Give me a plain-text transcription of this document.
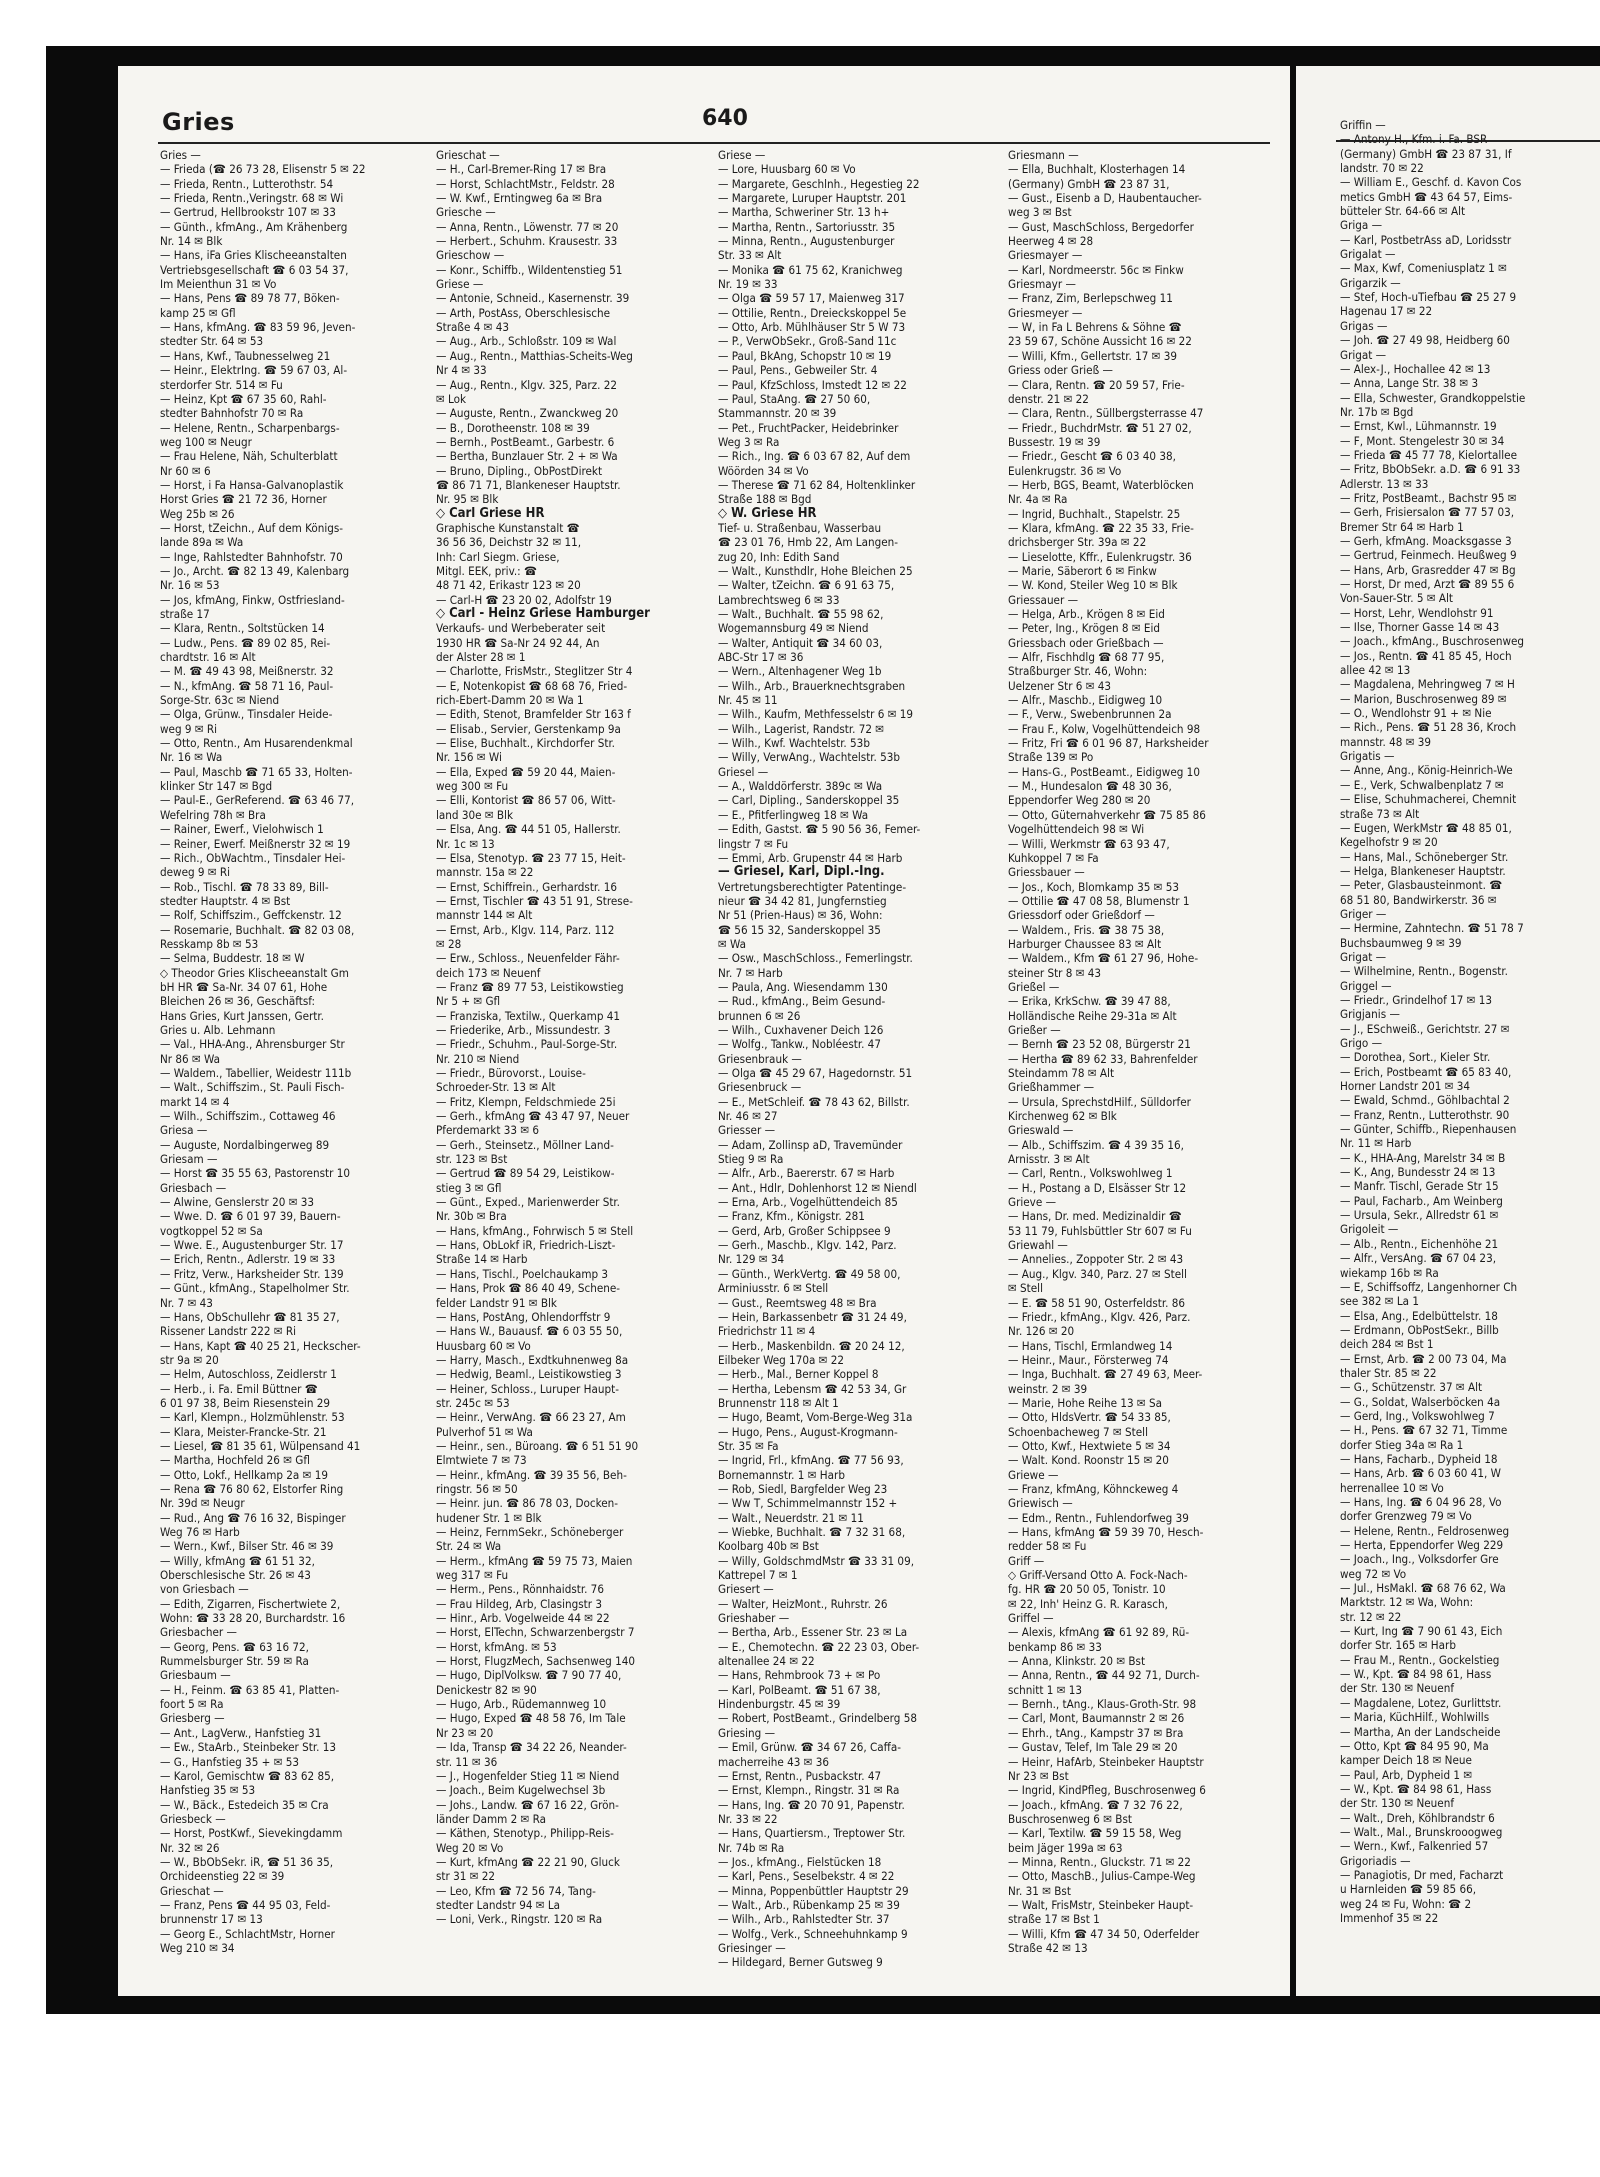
Gries	640
Gries —
— Frieda (☎ 26 73 28, Elisenstr 5 ✉ 22
— Frieda, Rentn., Lutterothstr. 54
— Frieda, Rentn.,Veringstr. 68 ✉ Wi
— Gertrud, Hellbrookstr 107 ✉ 33
— Günth., kfmAng., Am Krähenberg
Nr. 14 ✉ Blk
— Hans, iFa Gries Klischeeanstalten
Vertriebsgesellschaft ☎ 6 03 54 37,
Im Meienthun 31 ✉ Vo
— Hans, Pens ☎ 89 78 77, Böken-
kamp 25 ✉ Gfl
— Hans, kfmAng. ☎ 83 59 96, Jeven-
stedter Str. 64 ✉ 53
— Hans, Kwf., Taubnesselweg 21
— Heinr., ElektrIng. ☎ 59 67 03, Al-
sterdorfer Str. 514 ✉ Fu
— Heinz, Kpt ☎ 67 35 60, Rahl-
stedter Bahnhofstr 70 ✉ Ra
— Helene, Rentn., Scharpenbargs-
weg 100 ✉ Neugr
— Frau Helene, Näh, Schulterblatt
Nr 60 ✉ 6
— Horst, i Fa Hansa-Galvanoplastik
Horst Gries ☎ 21 72 36, Horner
Weg 25b ✉ 26
— Horst, tZeichn., Auf dem Königs-
lande 89a ✉ Wa
— Inge, Rahlstedter Bahnhofstr. 70
— Jo., Archt. ☎ 82 13 49, Kalenbarg
Nr. 16 ✉ 53
— Jos, kfmAng, Finkw, Ostfriesland-
straße 17
— Klara, Rentn., Soltstücken 14
— Ludw., Pens. ☎ 89 02 85, Rei-
chardtstr. 16 ✉ Alt
— M. ☎ 49 43 98, Meißnerstr. 32
— N., kfmAng. ☎ 58 71 16, Paul-
Sorge-Str. 63c ✉ Niend
— Olga, Grünw., Tinsdaler Heide-
weg 9 ✉ Ri
— Otto, Rentn., Am Husarendenkmal
Nr. 16 ✉ Wa
— Paul, Maschb ☎ 71 65 33, Holten-
klinker Str 147 ✉ Bgd
— Paul-E., GerReferend. ☎ 63 46 77,
Wefelring 78h ✉ Bra
— Rainer, Ewerf., Vielohwisch 1
— Reiner, Ewerf. Meißnerstr 32 ✉ 19
— Rich., ObWachtm., Tinsdaler Hei-
deweg 9 ✉ Ri
— Rob., Tischl. ☎ 78 33 89, Bill-
stedter Hauptstr. 4 ✉ Bst
— Rolf, Schiffszim., Geffckenstr. 12
— Rosemarie, Buchhalt. ☎ 82 03 08,
Resskamp 8b ✉ 53
— Selma, Buddestr. 18 ✉ W
◇ Theodor Gries Klischeeanstalt Gm
bH HR ☎ Sa-Nr. 34 07 61, Hohe
Bleichen 26 ✉ 36, Geschäftsf:
Hans Gries, Kurt Janssen, Gertr.
Gries u. Alb. Lehmann
— Val., HHA-Ang., Ahrensburger Str
Nr 86 ✉ Wa
— Waldem., Tabellier, Weidestr 111b
— Walt., Schiffszim., St. Pauli Fisch-
markt 14 ✉ 4
— Wilh., Schiffszim., Cottaweg 46
Griesa —
— Auguste, Nordalbingerweg 89
Griesam —
— Horst ☎ 35 55 63, Pastorenstr 10
Griesbach —
— Alwine, Genslerstr 20 ✉ 33
— Wwe. D. ☎ 6 01 97 39, Bauern-
vogtkoppel 52 ✉ Sa
— Wwe. E., Augustenburger Str. 17
— Erich, Rentn., Adlerstr. 19 ✉ 33
— Fritz, Verw., Harksheider Str. 139
— Günt., kfmAng., Stapelholmer Str.
Nr. 7 ✉ 43
— Hans, ObSchullehr ☎ 81 35 27,
Rissener Landstr 222 ✉ Ri
— Hans, Kapt ☎ 40 25 21, Heckscher-
str 9a ✉ 20
— Helm, Autoschloss, Zeidlerstr 1
— Herb., i. Fa. Emil Büttner ☎
6 01 97 38, Beim Riesenstein 29
— Karl, Klempn., Holzmühlenstr. 53
— Klara, Meister-Francke-Str. 21
— Liesel, ☎ 81 35 61, Wülpensand 41
— Martha, Hochfeld 26 ✉ Gfl
— Otto, Lokf., Hellkamp 2a ✉ 19
— Rena ☎ 76 80 62, Elstorfer Ring
Nr. 39d ✉ Neugr
— Rud., Ang ☎ 76 16 32, Bispinger
Weg 76 ✉ Harb
— Wern., Kwf., Bilser Str. 46 ✉ 39
— Willy, kfmAng ☎ 61 51 32,
Oberschlesische Str. 26 ✉ 43
von Griesbach —
— Edith, Zigarren, Fischertwiete 2,
Wohn: ☎ 33 28 20, Burchardstr. 16
Griesbacher —
— Georg, Pens. ☎ 63 16 72,
Rummelsburger Str. 59 ✉ Ra
Griesbaum —
— H., Feinm. ☎ 63 85 41, Platten-
foort 5 ✉ Ra
Griesberg —
— Ant., LagVerw., Hanfstieg 31
— Ew., StaArb., Steinbeker Str. 13
— G., Hanfstieg 35 + ✉ 53
— Karol, Gemischtw ☎ 83 62 85,
Hanfstieg 35 ✉ 53
— W., Bäck., Estedeich 35 ✉ Cra
Griesbeck —
— Horst, PostKwf., Sievekingdamm
Nr. 32 ✉ 26
— W., BbObSekr. iR, ☎ 51 36 35,
Orchideenstieg 22 ✉ 39
Grieschat —
— Franz, Pens ☎ 44 95 03, Feld-
brunnenstr 17 ✉ 13
— Georg E., SchlachtMstr, Horner
Weg 210 ✉ 34
Grieschat —
— H., Carl-Bremer-Ring 17 ✉ Bra
— Horst, SchlachtMstr., Feldstr. 28
— W. Kwf., Erntingweg 6a ✉ Bra
Griesche —
— Anna, Rentn., Löwenstr. 77 ✉ 20
— Herbert., Schuhm. Krausestr. 33
Grieschow —
— Konr., Schiffb., Wildentenstieg 51
Griese —
— Antonie, Schneid., Kasernenstr. 39
— Arth, PostAss, Oberschlesische
Straße 4 ✉ 43
— Aug., Arb., Schloßstr. 109 ✉ Wal
— Aug., Rentn., Matthias-Scheits-Weg
Nr 4 ✉ 33
— Aug., Rentn., Klgv. 325, Parz. 22
✉ Lok
— Auguste, Rentn., Zwanckweg 20
— B., Dorotheenstr. 108 ✉ 39
— Bernh., PostBeamt., Garbestr. 6
— Bertha, Bunzlauer Str. 2 + ✉ Wa
— Bruno, Dipling., ObPostDirekt
☎ 86 71 71, Blankeneser Hauptstr.
Nr. 95 ✉ Blk
◇ Carl Griese HR
Graphische Kunstanstalt ☎
36 56 36, Deichstr 32 ✉ 11,
Inh: Carl Siegm. Griese,
Mitgl. EEK, priv.: ☎
48 71 42, Erikastr 123 ✉ 20
— Carl-H ☎ 23 20 02, Adolfstr 19
◇ Carl - Heinz Griese Hamburger
Verkaufs- und Werbeberater seit
1930 HR ☎ Sa-Nr 24 92 44, An
der Alster 28 ✉ 1
— Charlotte, FrisMstr., Steglitzer Str 4
— E, Notenkopist ☎ 68 68 76, Fried-
rich-Ebert-Damm 20 ✉ Wa 1
— Edith, Stenot, Bramfelder Str 163 f
— Elisab., Servier, Gerstenkamp 9a
— Elise, Buchhalt., Kirchdorfer Str.
Nr. 156 ✉ Wi
— Ella, Exped ☎ 59 20 44, Maien-
weg 300 ✉ Fu
— Elli, Kontorist ☎ 86 57 06, Witt-
land 30e ✉ Blk
— Elsa, Ang. ☎ 44 51 05, Hallerstr.
Nr. 1c ✉ 13
— Elsa, Stenotyp. ☎ 23 77 15, Heit-
mannstr. 15a ✉ 22
— Ernst, Schiffrein., Gerhardstr. 16
— Ernst, Tischler ☎ 43 51 91, Strese-
mannstr 144 ✉ Alt
— Ernst, Arb., Klgv. 114, Parz. 112
✉ 28
— Erw., Schloss., Neuenfelder Fähr-
deich 173 ✉ Neuenf
— Franz ☎ 89 77 53, Leistikowstieg
Nr 5 + ✉ Gfl
— Franziska, Textilw., Querkamp 41
— Friederike, Arb., Missundestr. 3
— Friedr., Schuhm., Paul-Sorge-Str.
Nr. 210 ✉ Niend
— Friedr., Bürovorst., Louise-
Schroeder-Str. 13 ✉ Alt
— Fritz, Klempn, Feldschmiede 25i
— Gerh., kfmAng ☎ 43 47 97, Neuer
Pferdemarkt 33 ✉ 6
— Gerh., Steinsetz., Möllner Land-
str. 123 ✉ Bst
— Gertrud ☎ 89 54 29, Leistikow-
stieg 3 ✉ Gfl
— Günt., Exped., Marienwerder Str.
Nr. 30b ✉ Bra
— Hans, kfmAng., Fohrwisch 5 ✉ Stell
— Hans, ObLokf iR, Friedrich-Liszt-
Straße 14 ✉ Harb
— Hans, Tischl., Poelchaukamp 3
— Hans, Prok ☎ 86 40 49, Schene-
felder Landstr 91 ✉ Blk
— Hans, PostAng, Ohlendorffstr 9
— Hans W., Bauausf. ☎ 6 03 55 50,
Huusbarg 60 ✉ Vo
— Harry, Masch., Exdtkuhnenweg 8a
— Hedwig, Beaml., Leistikowstieg 3
— Heiner, Schloss., Luruper Haupt-
str. 245c ✉ 53
— Heinr., VerwAng. ☎ 66 23 27, Am
Pulverhof 51 ✉ Wa
— Heinr., sen., Büroang. ☎ 6 51 51 90
Elmtwiete 7 ✉ 73
— Heinr., kfmAng. ☎ 39 35 56, Beh-
ringstr. 56 ✉ 50
— Heinr. jun. ☎ 86 78 03, Docken-
hudener Str. 1 ✉ Blk
— Heinz, FernmSekr., Schöneberger
Str. 24 ✉ Wa
— Herm., kfmAng ☎ 59 75 73, Maien
weg 317 ✉ Fu
— Herm., Pens., Rönnhaidstr. 76
— Frau Hildeg, Arb, Clasingstr 3
— Hinr., Arb. Vogelweide 44 ✉ 22
— Horst, ElTechn, Schwarzenbergstr 7
— Horst, kfmAng. ✉ 53
— Horst, FlugzMech, Sachsenweg 140
— Hugo, DiplVolksw. ☎ 7 90 77 40,
Denickestr 82 ✉ 90
— Hugo, Arb., Rüdemannweg 10
— Hugo, Exped ☎ 48 58 76, Im Tale
Nr 23 ✉ 20
— Ida, Transp ☎ 34 22 26, Neander-
str. 11 ✉ 36
— J., Hogenfelder Stieg 11 ✉ Niend
— Joach., Beim Kugelwechsel 3b
— Johs., Landw. ☎ 67 16 22, Grön-
länder Damm 2 ✉ Ra
— Käthen, Stenotyp., Philipp-Reis-
Weg 20 ✉ Vo
— Kurt, kfmAng ☎ 22 21 90, Gluck
str 31 ✉ 22
— Leo, Kfm ☎ 72 56 74, Tang-
stedter Landstr 94 ✉ La
— Loni, Verk., Ringstr. 120 ✉ Ra
Griese —
— Lore, Huusbarg 60 ✉ Vo
— Margarete, Geschlnh., Hegestieg 22
— Margarete, Luruper Hauptstr. 201
— Martha, Schweriner Str. 13 h+
— Martha, Rentn., Sartoriusstr. 35
— Minna, Rentn., Augustenburger
Str. 33 ✉ Alt
— Monika ☎ 61 75 62, Kranichweg
Nr. 19 ✉ 33
— Olga ☎ 59 57 17, Maienweg 317
— Ottilie, Rentn., Dreieckskoppel 5e
— Otto, Arb. Mühlhäuser Str 5 W 73
— P., VerwObSekr., Groß-Sand 11c
— Paul, BkAng, Schopstr 10 ✉ 19
— Paul, Pens., Gebweiler Str. 4
— Paul, KfzSchloss, Imstedt 12 ✉ 22
— Paul, StaAng. ☎ 27 50 60,
Stammannstr. 20 ✉ 39
— Pet., FruchtPacker, Heidebrinker
Weg 3 ✉ Ra
— Rich., Ing. ☎ 6 03 67 82, Auf dem
Wöörden 34 ✉ Vo
— Therese ☎ 71 62 84, Holtenklinker
Straße 188 ✉ Bgd
◇ W. Griese HR
Tief- u. Straßenbau, Wasserbau
☎ 23 01 76, Hmb 22, Am Langen-
zug 20, Inh: Edith Sand
— Walt., Kunsthdlr, Hohe Bleichen 25
— Walter, tZeichn. ☎ 6 91 63 75,
Lambrechtsweg 6 ✉ 33
— Walt., Buchhalt. ☎ 55 98 62,
Wogemannsburg 49 ✉ Niend
— Walter, Antiquit ☎ 34 60 03,
ABC-Str 17 ✉ 36
— Wern., Altenhagener Weg 1b
— Wilh., Arb., Brauerknechtsgraben
Nr. 45 ✉ 11
— Wilh., Kaufm, Methfesselstr 6 ✉ 19
— Wilh., Lagerist, Randstr. 72 ✉
— Wilh., Kwf. Wachtelstr. 53b
— Willy, VerwAng., Wachtelstr. 53b
Griesel —
— A., Walddörferstr. 389c ✉ Wa
— Carl, Dipling., Sanderskoppel 35
— E., Pfitferlingweg 18 ✉ Wa
— Edith, Gastst. ☎ 5 90 56 36, Femer-
lingstr 7 ✉ Fu
— Emmi, Arb. Grupenstr 44 ✉ Harb
— Griesel, Karl, Dipl.-Ing.
Vertretungsberechtigter Patentinge-
nieur ☎ 34 42 81, Jungfernstieg
Nr 51 (Prien-Haus) ✉ 36, Wohn:
☎ 56 15 32, Sanderskoppel 35
✉ Wa
— Osw., MaschSchloss., Femerlingstr.
Nr. 7 ✉ Harb
— Paula, Ang. Wiesendamm 130
— Rud., kfmAng., Beim Gesund-
brunnen 6 ✉ 26
— Wilh., Cuxhavener Deich 126
— Wolfg., Tankw., Nobléestr. 47
Griesenbrauk —
— Olga ☎ 45 29 67, Hagedornstr. 51
Griesenbruck —
— E., MetSchleif. ☎ 78 43 62, Billstr.
Nr. 46 ✉ 27
Griesser —
— Adam, Zollinsp aD, Travemünder
Stieg 9 ✉ Ra
— Alfr., Arb., Baererstr. 67 ✉ Harb
— Ant., Hdlr, Dohlenhorst 12 ✉ Niendl
— Erna, Arb., Vogelhüttendeich 85
— Franz, Kfm., Königstr. 281
— Gerd, Arb, Großer Schippsee 9
— Gerh., Maschb., Klgv. 142, Parz.
Nr. 129 ✉ 34
— Günth., WerkVertg. ☎ 49 58 00,
Arminiusstr. 6 ✉ Stell
— Gust., Reemtsweg 48 ✉ Bra
— Hein, Barkassenbetr ☎ 31 24 49,
Friedrichstr 11 ✉ 4
— Herb., Maskenbildn. ☎ 20 24 12,
Eilbeker Weg 170a ✉ 22
— Herb., Mal., Berner Koppel 8
— Hertha, Lebensm ☎ 42 53 34, Gr
Brunnenstr 118 ✉ Alt 1
— Hugo, Beamt, Vom-Berge-Weg 31a
— Hugo, Pens., August-Krogmann-
Str. 35 ✉ Fa
— Ingrid, Frl., kfmAng. ☎ 77 56 93,
Bornemannstr. 1 ✉ Harb
— Rob, Siedl, Bargfelder Weg 23
— Ww T, Schimmelmannstr 152 +
— Walt., Neuerdstr. 21 ✉ 11
— Wiebke, Buchhalt. ☎ 7 32 31 68,
Koolbarg 40b ✉ Bst
— Willy, GoldschmdMstr ☎ 33 31 09,
Kattrepel 7 ✉ 1
Griesert —
— Walter, HeizMont., Ruhrstr. 26
Grieshaber —
— Bertha, Arb., Essener Str. 23 ✉ La
— E., Chemotechn. ☎ 22 23 03, Ober-
altenallee 24 ✉ 22
— Hans, Rehmbrook 73 + ✉ Po
— Karl, PolBeamt. ☎ 51 67 38,
Hindenburgstr. 45 ✉ 39
— Robert, PostBeamt., Grindelberg 58
Griesing —
— Emil, Grünw. ☎ 34 67 26, Caffa-
macherreihe 43 ✉ 36
— Ernst, Rentn., Pusbackstr. 47
— Ernst, Klempn., Ringstr. 31 ✉ Ra
— Hans, Ing. ☎ 20 70 91, Papenstr.
Nr. 33 ✉ 22
— Hans, Quartiersm., Treptower Str.
Nr. 74b ✉ Ra
— Jos., kfmAng., Fielstücken 18
— Karl, Pens., Seselbekstr. 4 ✉ 22
— Minna, Poppenbüttler Hauptstr 29
— Walt., Arb., Rübenkamp 25 ✉ 39
— Wilh., Arb., Rahlstedter Str. 37
— Wolfg., Verk., Schneehuhnkamp 9
Griesinger —
— Hildegard, Berner Gutsweg 9
Griesmann —
— Ella, Buchhalt, Klosterhagen 14
(Germany) GmbH ☎ 23 87 31,
— Gust., Eisenb a D, Haubentaucher-
weg 3 ✉ Bst
— Gust, MaschSchloss, Bergedorfer
Heerweg 4 ✉ 28
Griesmayer —
— Karl, Nordmeerstr. 56c ✉ Finkw
Griesmayr —
— Franz, Zim, Berlepschweg 11
Griesmeyer —
— W, in Fa L Behrens & Söhne ☎
23 59 67, Schöne Aussicht 16 ✉ 22
— Willi, Kfm., Gellertstr. 17 ✉ 39
Griess oder Grieß —
— Clara, Rentn. ☎ 20 59 57, Frie-
denstr. 21 ✉ 22
— Clara, Rentn., Süllbergsterrasse 47
— Friedr., BuchdrMstr. ☎ 51 27 02,
Bussestr. 19 ✉ 39
— Friedr., Gescht ☎ 6 03 40 38,
Eulenkrugstr. 36 ✉ Vo
— Herb, BGS, Beamt, Waterblöcken
Nr. 4a ✉ Ra
— Ingrid, Buchhalt., Stapelstr. 25
— Klara, kfmAng. ☎ 22 35 33, Frie-
drichsberger Str. 39a ✉ 22
— Lieselotte, Kffr., Eulenkrugstr. 36
— Marie, Säberort 6 ✉ Finkw
— W. Kond, Steiler Weg 10 ✉ Blk
Griessauer —
— Helga, Arb., Krögen 8 ✉ Eid
— Peter, Ing., Krögen 8 ✉ Eid
Griessbach oder Grießbach —
— Alfr, Fischhdlg ☎ 68 77 95,
Straßburger Str. 46, Wohn:
Uelzener Str 6 ✉ 43
— Alfr., Maschb., Eidigweg 10
— F., Verw., Swebenbrunnen 2a
— Frau F., Kolw, Vogelhüttendeich 98
— Fritz, Fri ☎ 6 01 96 87, Harksheider
Straße 139 ✉ Po
— Hans-G., PostBeamt., Eidigweg 10
— M., Hundesalon ☎ 48 30 36,
Eppendorfer Weg 280 ✉ 20
— Otto, Güternahverkehr ☎ 75 85 86
Vogelhüttendeich 98 ✉ Wi
— Willi, Werkmstr ☎ 63 93 47,
Kuhkoppel 7 ✉ Fa
Griessbauer —
— Jos., Koch, Blomkamp 35 ✉ 53
— Ottilie ☎ 47 08 58, Blumenstr 1
Griessdorf oder Grießdorf —
— Waldem., Fris. ☎ 38 75 38,
Harburger Chaussee 83 ✉ Alt
— Waldem., Kfm ☎ 61 27 96, Hohe-
steiner Str 8 ✉ 43
Grießel —
— Erika, KrkSchw. ☎ 39 47 88,
Holländische Reihe 29-31a ✉ Alt
Grießer —
— Bernh ☎ 23 52 08, Bürgerstr 21
— Hertha ☎ 89 62 33, Bahrenfelder
Steindamm 78 ✉ Alt
Grießhammer —
— Ursula, SprechstdHilf., Sülldorfer
Kirchenweg 62 ✉ Blk
Grieswald —
— Alb., Schiffszim. ☎ 4 39 35 16,
Arnisstr. 3 ✉ Alt
— Carl, Rentn., Volkswohlweg 1
— H., Postang a D, Elsässer Str 12
Grieve —
— Hans, Dr. med. Medizinaldir ☎
53 11 79, Fuhlsbüttler Str 607 ✉ Fu
Griewahl —
— Annelies., Zoppoter Str. 2 ✉ 43
— Aug., Klgv. 340, Parz. 27 ✉ Stell
✉ Stell
— E. ☎ 58 51 90, Osterfeldstr. 86
— Friedr., kfmAng., Klgv. 426, Parz.
Nr. 126 ✉ 20
— Hans, Tischl, Ermlandweg 14
— Heinr., Maur., Försterweg 74
— Inga, Buchhalt. ☎ 27 49 63, Meer-
weinstr. 2 ✉ 39
— Marie, Hohe Reihe 13 ✉ Sa
— Otto, HldsVertr. ☎ 54 33 85,
Schoenbacheweg 7 ✉ Stell
— Otto, Kwf., Hextwiete 5 ✉ 34
— Walt. Kond. Roonstr 15 ✉ 20
Griewe —
— Franz, kfmAng, Köhnckeweg 4
Griewisch —
— Edm., Rentn., Fuhlendorfweg 39
— Hans, kfmAng ☎ 59 39 70, Hesch-
redder 58 ✉ Fu
Griff —
◇ Griff-Versand Otto A. Fock-Nach-
fg. HR ☎ 20 50 05, Tonistr. 10
✉ 22, Inh' Heinz G. R. Karasch,
Griffel —
— Alexis, kfmAng ☎ 61 92 89, Rü-
benkamp 86 ✉ 33
— Anna, Klinkstr. 20 ✉ Bst
— Anna, Rentn., ☎ 44 92 71, Durch-
schnitt 1 ✉ 13
— Bernh., tAng., Klaus-Groth-Str. 98
— Carl, Mont, Baumannstr 2 ✉ 26
— Ehrh., tAng., Kampstr 37 ✉ Bra
— Gustav, Telef, Im Tale 29 ✉ 20
— Heinr, HafArb, Steinbeker Hauptstr
Nr 23 ✉ Bst
— Ingrid, KindPfleg, Buschrosenweg 6
— Joach., kfmAng. ☎ 7 32 76 22,
Buschrosenweg 6 ✉ Bst
— Karl, Textilw. ☎ 59 15 58, Weg
beim Jäger 199a ✉ 63
— Minna, Rentn., Gluckstr. 71 ✉ 22
— Otto, MaschB., Julius-Campe-Weg
Nr. 31 ✉ Bst
— Walt, FrisMstr, Steinbeker Haupt-
straße 17 ✉ Bst 1
— Willi, Kfm ☎ 47 34 50, Oderfelder
Straße 42 ✉ 13
Griffin —
— Antony H., Kfm. i. Fa. BSR
(Germany) GmbH ☎ 23 87 31, If
landstr. 70 ✉ 22
— William E., Geschf. d. Kavon Cos
metics GmbH ☎ 43 64 57, Eims-
bütteler Str. 64-66 ✉ Alt
Griga —
— Karl, PostbetrAss aD, Loridsstr
Grigalat —
— Max, Kwf, Comeniusplatz 1 ✉
Grigarzik —
— Stef, Hoch-uTiefbau ☎ 25 27 9
Hagenau 17 ✉ 22
Grigas —
— Joh. ☎ 27 49 98, Heidberg 60
Grigat —
— Alex-J., Hochallee 42 ✉ 13
— Anna, Lange Str. 38 ✉ 3
— Ella, Schwester, Grandkoppelstie
Nr. 17b ✉ Bgd
— Ernst, Kwl., Lühmannstr. 19
— F, Mont. Stengelestr 30 ✉ 34
— Frieda ☎ 45 77 78, Kielortallee
— Fritz, BbObSekr. a.D. ☎ 6 91 33
Adlerstr. 13 ✉ 33
— Fritz, PostBeamt., Bachstr 95 ✉
— Gerh, Frisiersalon ☎ 77 57 03,
Bremer Str 64 ✉ Harb 1
— Gerh, kfmAng. Moacksgasse 3
— Gertrud, Feinmech. Heußweg 9
— Hans, Arb, Grasredder 47 ✉ Bg
— Horst, Dr med, Arzt ☎ 89 55 6
Von-Sauer-Str. 5 ✉ Alt
— Horst, Lehr, Wendlohstr 91
— Ilse, Thorner Gasse 14 ✉ 43
— Joach., kfmAng., Buschrosenweg
— Jos., Rentn. ☎ 41 85 45, Hoch
allee 42 ✉ 13
— Magdalena, Mehringweg 7 ✉ H
— Marion, Buschrosenweg 89 ✉
— O., Wendlohstr 91 + ✉ Nie
— Rich., Pens. ☎ 51 28 36, Kroch
mannstr. 48 ✉ 39
Grigatis —
— Anne, Ang., König-Heinrich-We
— E., Verk, Schwalbenplatz 7 ✉
— Elise, Schuhmacherei, Chemnit
straße 73 ✉ Alt
— Eugen, WerkMstr ☎ 48 85 01,
Kegelhofstr 9 ✉ 20
— Hans, Mal., Schöneberger Str.
— Helga, Blankeneser Hauptstr.
— Peter, Glasbausteinmont. ☎
68 51 80, Bandwirkerstr. 36 ✉
Griger —
— Hermine, Zahntechn. ☎ 51 78 7
Buchsbaumweg 9 ✉ 39
Grigat —
— Wilhelmine, Rentn., Bogenstr.
Griggel —
— Friedr., Grindelhof 17 ✉ 13
Grigjanis —
— J., ESchweiß., Gerichtstr. 27 ✉
Grigo —
— Dorothea, Sort., Kieler Str.
— Erich, Postbeamt ☎ 65 83 40,
Horner Landstr 201 ✉ 34
— Ewald, Schmd., Göhlbachtal 2
— Franz, Rentn., Lutterothstr. 90
— Günter, Schiffb., Riepenhausen
Nr. 11 ✉ Harb
— K., HHA-Ang, Marelstr 34 ✉ B
— K., Ang, Bundesstr 24 ✉ 13
— Manfr. Tischl, Gerade Str 15
— Paul, Facharb., Am Weinberg
— Ursula, Sekr., Allredstr 61 ✉
Grigoleit —
— Alb., Rentn., Eichenhöhe 21
— Alfr., VersAng. ☎ 67 04 23,
wiekamp 16b ✉ Ra
— E, Schiffsoffz, Langenhorner Ch
see 382 ✉ La 1
— Elsa, Ang., Edelbüttelstr. 18
— Erdmann, ObPostSekr., Billb
deich 284 ✉ Bst 1
— Ernst, Arb. ☎ 2 00 73 04, Ma
thaler Str. 85 ✉ 22
— G., Schützenstr. 37 ✉ Alt
— G., Soldat, Walserböcken 4a
— Gerd, Ing., Volkswohlweg 7
— H., Pens. ☎ 67 32 71, Timme
dorfer Stieg 34a ✉ Ra 1
— Hans, Facharb., Dypheid 18
— Hans, Arb. ☎ 6 03 60 41, W
herrenallee 10 ✉ Vo
— Hans, Ing. ☎ 6 04 96 28, Vo
dorfer Grenzweg 79 ✉ Vo
— Helene, Rentn., Feldrosenweg
— Herta, Eppendorfer Weg 229
— Joach., Ing., Volksdorfer Gre
weg 72 ✉ Vo
— Jul., HsMakl. ☎ 68 76 62, Wa
Marktstr. 12 ✉ Wa, Wohn:
str. 12 ✉ 22
— Kurt, Ing ☎ 7 90 61 43, Eich
dorfer Str. 165 ✉ Harb
— Frau M., Rentn., Gockelstieg
— W., Kpt. ☎ 84 98 61, Hass
der Str. 130 ✉ Neuenf
— Magdalene, Lotez, Gurlittstr.
— Maria, KüchHilf., Wohlwills
— Martha, An der Landscheide
— Otto, Kpt ☎ 84 95 90, Ma
kamper Deich 18 ✉ Neue
— Paul, Arb, Dypheid 1 ✉
— W., Kpt. ☎ 84 98 61, Hass
der Str. 130 ✉ Neuenf
— Walt., Dreh, Köhlbrandstr 6
— Walt., Mal., Brunskrooogweg
— Wern., Kwf., Falkenried 57
Grigoriadis —
— Panagiotis, Dr med, Facharzt
u Harnleiden ☎ 59 85 66,
weg 24 ✉ Fu, Wohn: ☎ 2
Immenhof 35 ✉ 22
